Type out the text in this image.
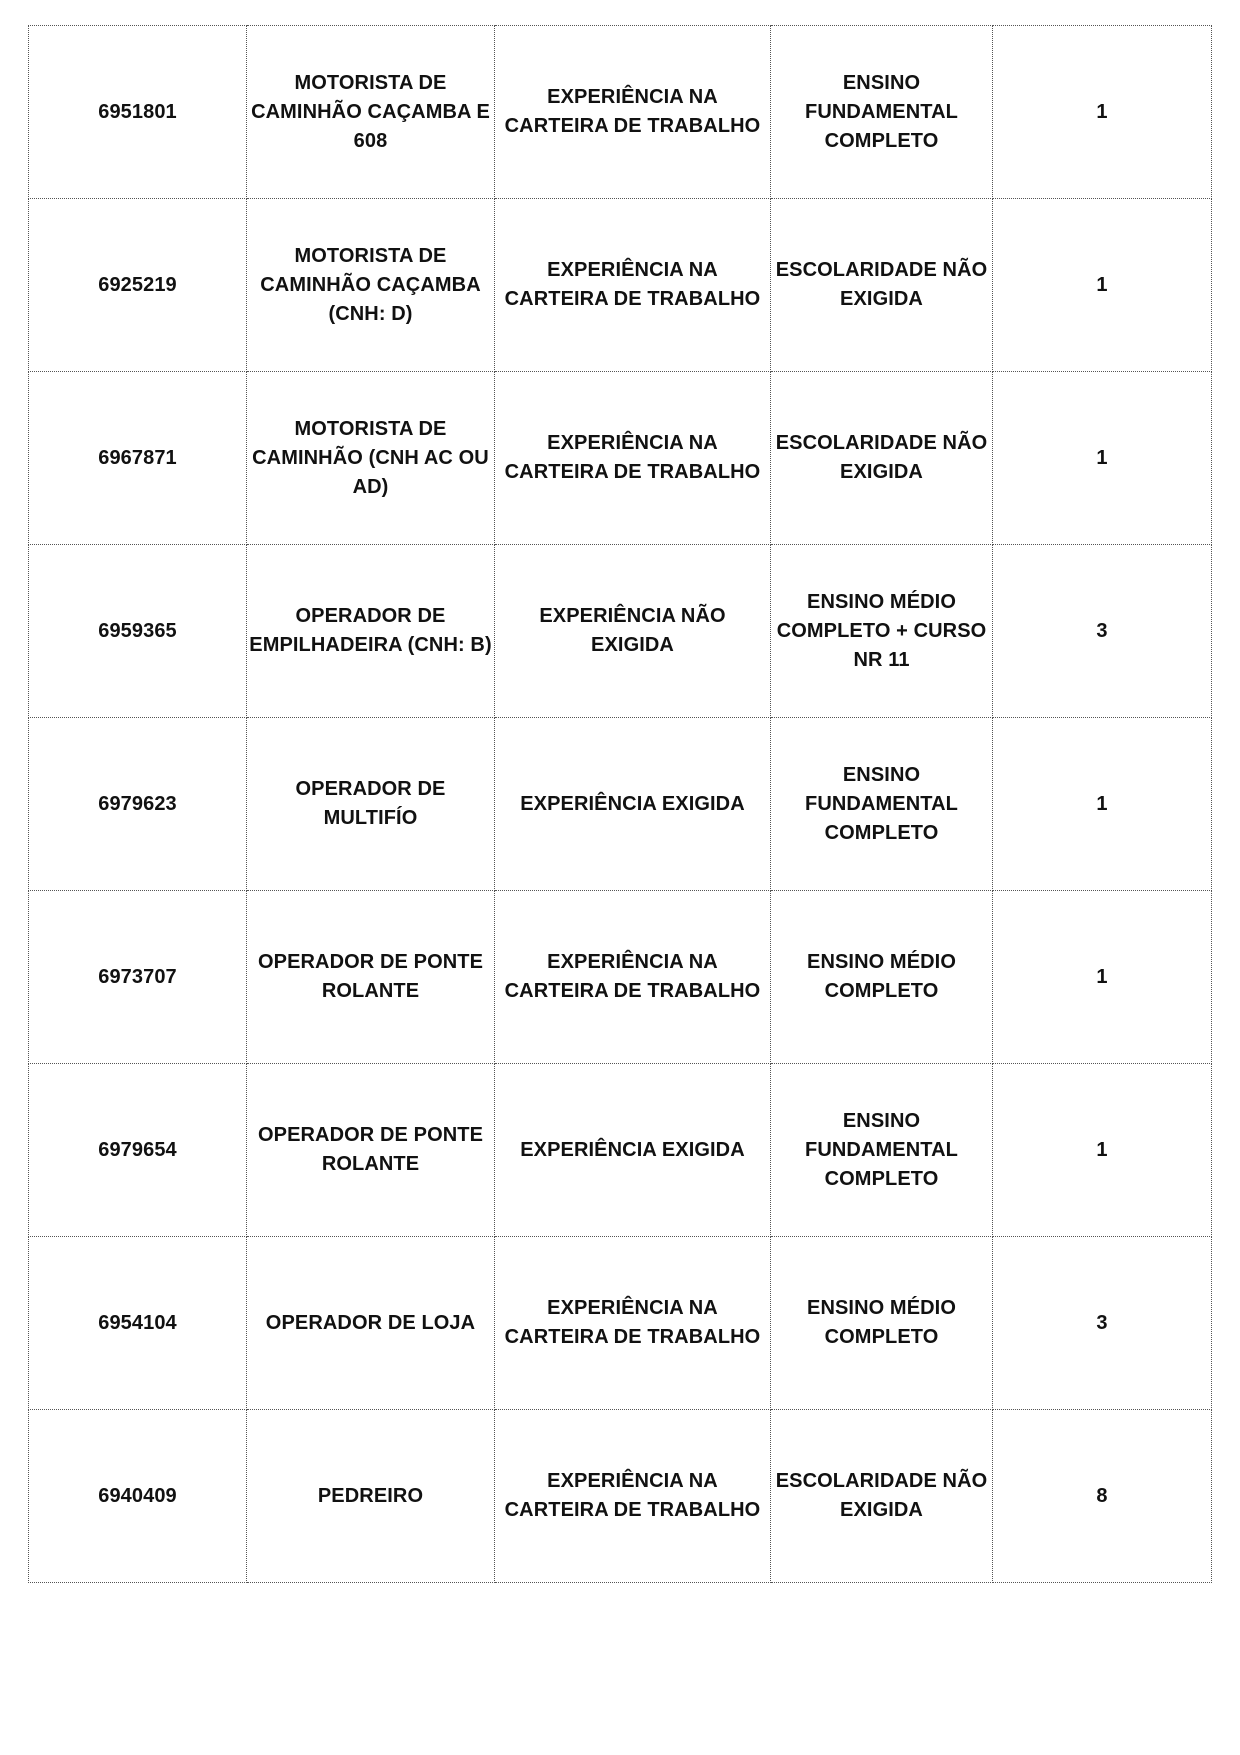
6951801	MOTORISTA DE CAMINHÃO CAÇAMBA E 608	EXPERIÊNCIA NA CARTEIRA DE TRABALHO	ENSINO FUNDAMENTAL COMPLETO	1
6925219	MOTORISTA DE CAMINHÃO CAÇAMBA (CNH: D)	EXPERIÊNCIA NA CARTEIRA DE TRABALHO	ESCOLARIDADE NÃO EXIGIDA	1
6967871	MOTORISTA DE CAMINHÃO (CNH AC OU AD)	EXPERIÊNCIA NA CARTEIRA DE TRABALHO	ESCOLARIDADE NÃO EXIGIDA	1
6959365	OPERADOR DE EMPILHADEIRA (CNH: B)	EXPERIÊNCIA NÃO EXIGIDA	ENSINO MÉDIO COMPLETO + CURSO NR 11	3
6979623	OPERADOR DE MULTIFÍO	EXPERIÊNCIA EXIGIDA	ENSINO FUNDAMENTAL COMPLETO	1
6973707	OPERADOR DE PONTE ROLANTE	EXPERIÊNCIA NA CARTEIRA DE TRABALHO	ENSINO MÉDIO COMPLETO	1
6979654	OPERADOR DE PONTE ROLANTE	EXPERIÊNCIA EXIGIDA	ENSINO FUNDAMENTAL COMPLETO	1
6954104	OPERADOR DE LOJA	EXPERIÊNCIA NA CARTEIRA DE TRABALHO	ENSINO MÉDIO COMPLETO	3
6940409	PEDREIRO	EXPERIÊNCIA NA CARTEIRA DE TRABALHO	ESCOLARIDADE NÃO EXIGIDA	8
